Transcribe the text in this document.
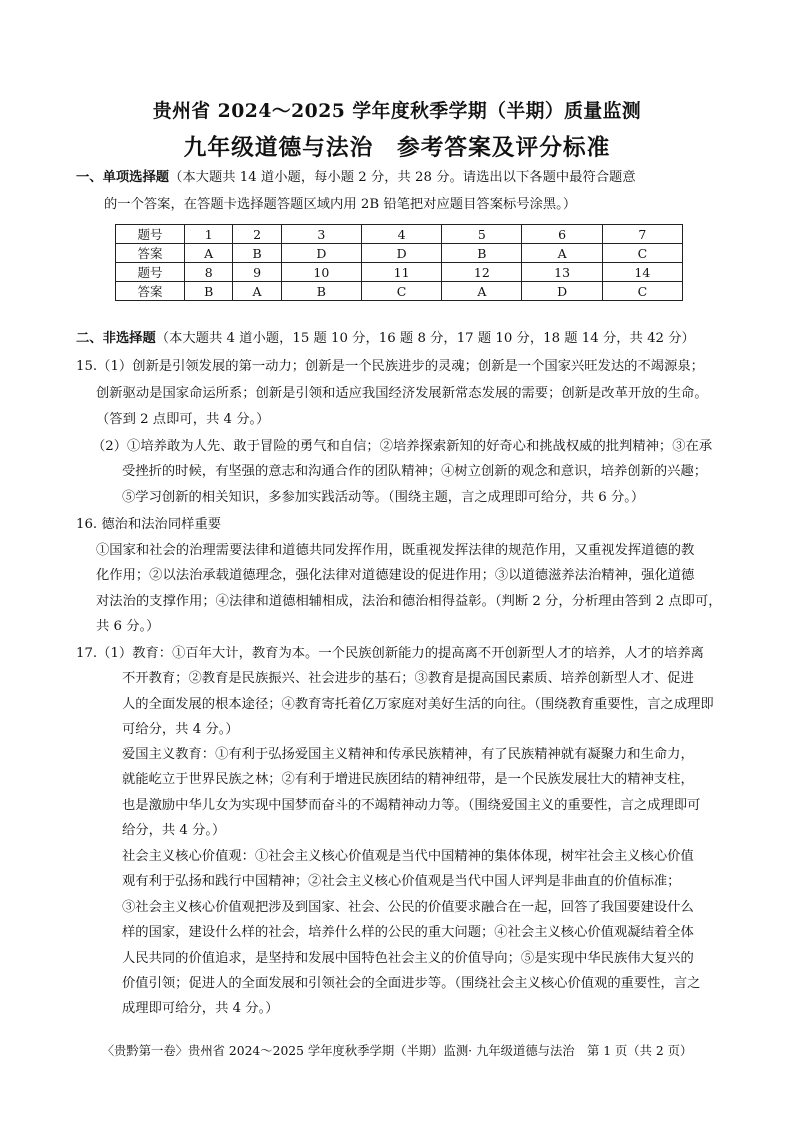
贵州省 2024～2025 学年度秋季学期（半期）质量监测
九年级道德与法治　参考答案及评分标准
一、单项选择题（本大题共 14 道小题，每小题 2 分，共 28 分。请选出以下各题中最符合题意
的一个答案，在答题卡选择题答题区域内用 2B 铅笔把对应题目答案标号涂黑。）
题号	1	2	3	4	5	6	7
答案	A	B	D	D	B	A	C
题号	8	9	10	11	12	13	14
答案	B	A	B	C	A	D	C
二、非选择题（本大题共 4 道小题，15 题 10 分，16 题 8 分，17 题 10 分，18 题 14 分，共 42 分）
15.（1）创新是引领发展的第一动力；创新是一个民族进步的灵魂；创新是一个国家兴旺发达的不竭源泉；
创新驱动是国家命运所系；创新是引领和适应我国经济发展新常态发展的需要；创新是改革开放的生命。
（答到 2 点即可，共 4 分。）
（2）①培养敢为人先、敢于冒险的勇气和自信；②培养探索新知的好奇心和挑战权威的批判精神；③在承
受挫折的时候，有坚强的意志和沟通合作的团队精神；④树立创新的观念和意识，培养创新的兴趣；
⑤学习创新的相关知识，多参加实践活动等。（围绕主题，言之成理即可给分，共 6 分。）
16. 德治和法治同样重要
①国家和社会的治理需要法律和道德共同发挥作用，既重视发挥法律的规范作用，又重视发挥道德的教
化作用；②以法治承载道德理念，强化法律对道德建设的促进作用；③以道德滋养法治精神，强化道德
对法治的支撑作用；④法律和道德相辅相成，法治和德治相得益彰。（判断 2 分，分析理由答到 2 点即可，
共 6 分。）
17.（1）教育：①百年大计，教育为本。一个民族创新能力的提高离不开创新型人才的培养，人才的培养离
不开教育；②教育是民族振兴、社会进步的基石；③教育是提高国民素质、培养创新型人才、促进
人的全面发展的根本途径；④教育寄托着亿万家庭对美好生活的向往。（围绕教育重要性，言之成理即
可给分，共 4 分。）
爱国主义教育：①有利于弘扬爱国主义精神和传承民族精神，有了民族精神就有凝聚力和生命力，
就能屹立于世界民族之林；②有利于增进民族团结的精神纽带，是一个民族发展壮大的精神支柱，
也是激励中华儿女为实现中国梦而奋斗的不竭精神动力等。（围绕爱国主义的重要性，言之成理即可
给分，共 4 分。）
社会主义核心价值观：①社会主义核心价值观是当代中国精神的集体体现，树牢社会主义核心价值
观有利于弘扬和践行中国精神；②社会主义核心价值观是当代中国人评判是非曲直的价值标准；
③社会主义核心价值观把涉及到国家、社会、公民的价值要求融合在一起，回答了我国要建设什么
样的国家，建设什么样的社会，培养什么样的公民的重大问题；④社会主义核心价值观凝结着全体
人民共同的价值追求，是坚持和发展中国特色社会主义的价值导向；⑤是实现中华民族伟大复兴的
价值引领；促进人的全面发展和引领社会的全面进步等。（围绕社会主义核心价值观的重要性，言之
成理即可给分，共 4 分。）
〈贵黔第一卷〉贵州省 2024～2025 学年度秋季学期（半期）监测· 九年级道德与法治　第 1 页（共 2 页）
